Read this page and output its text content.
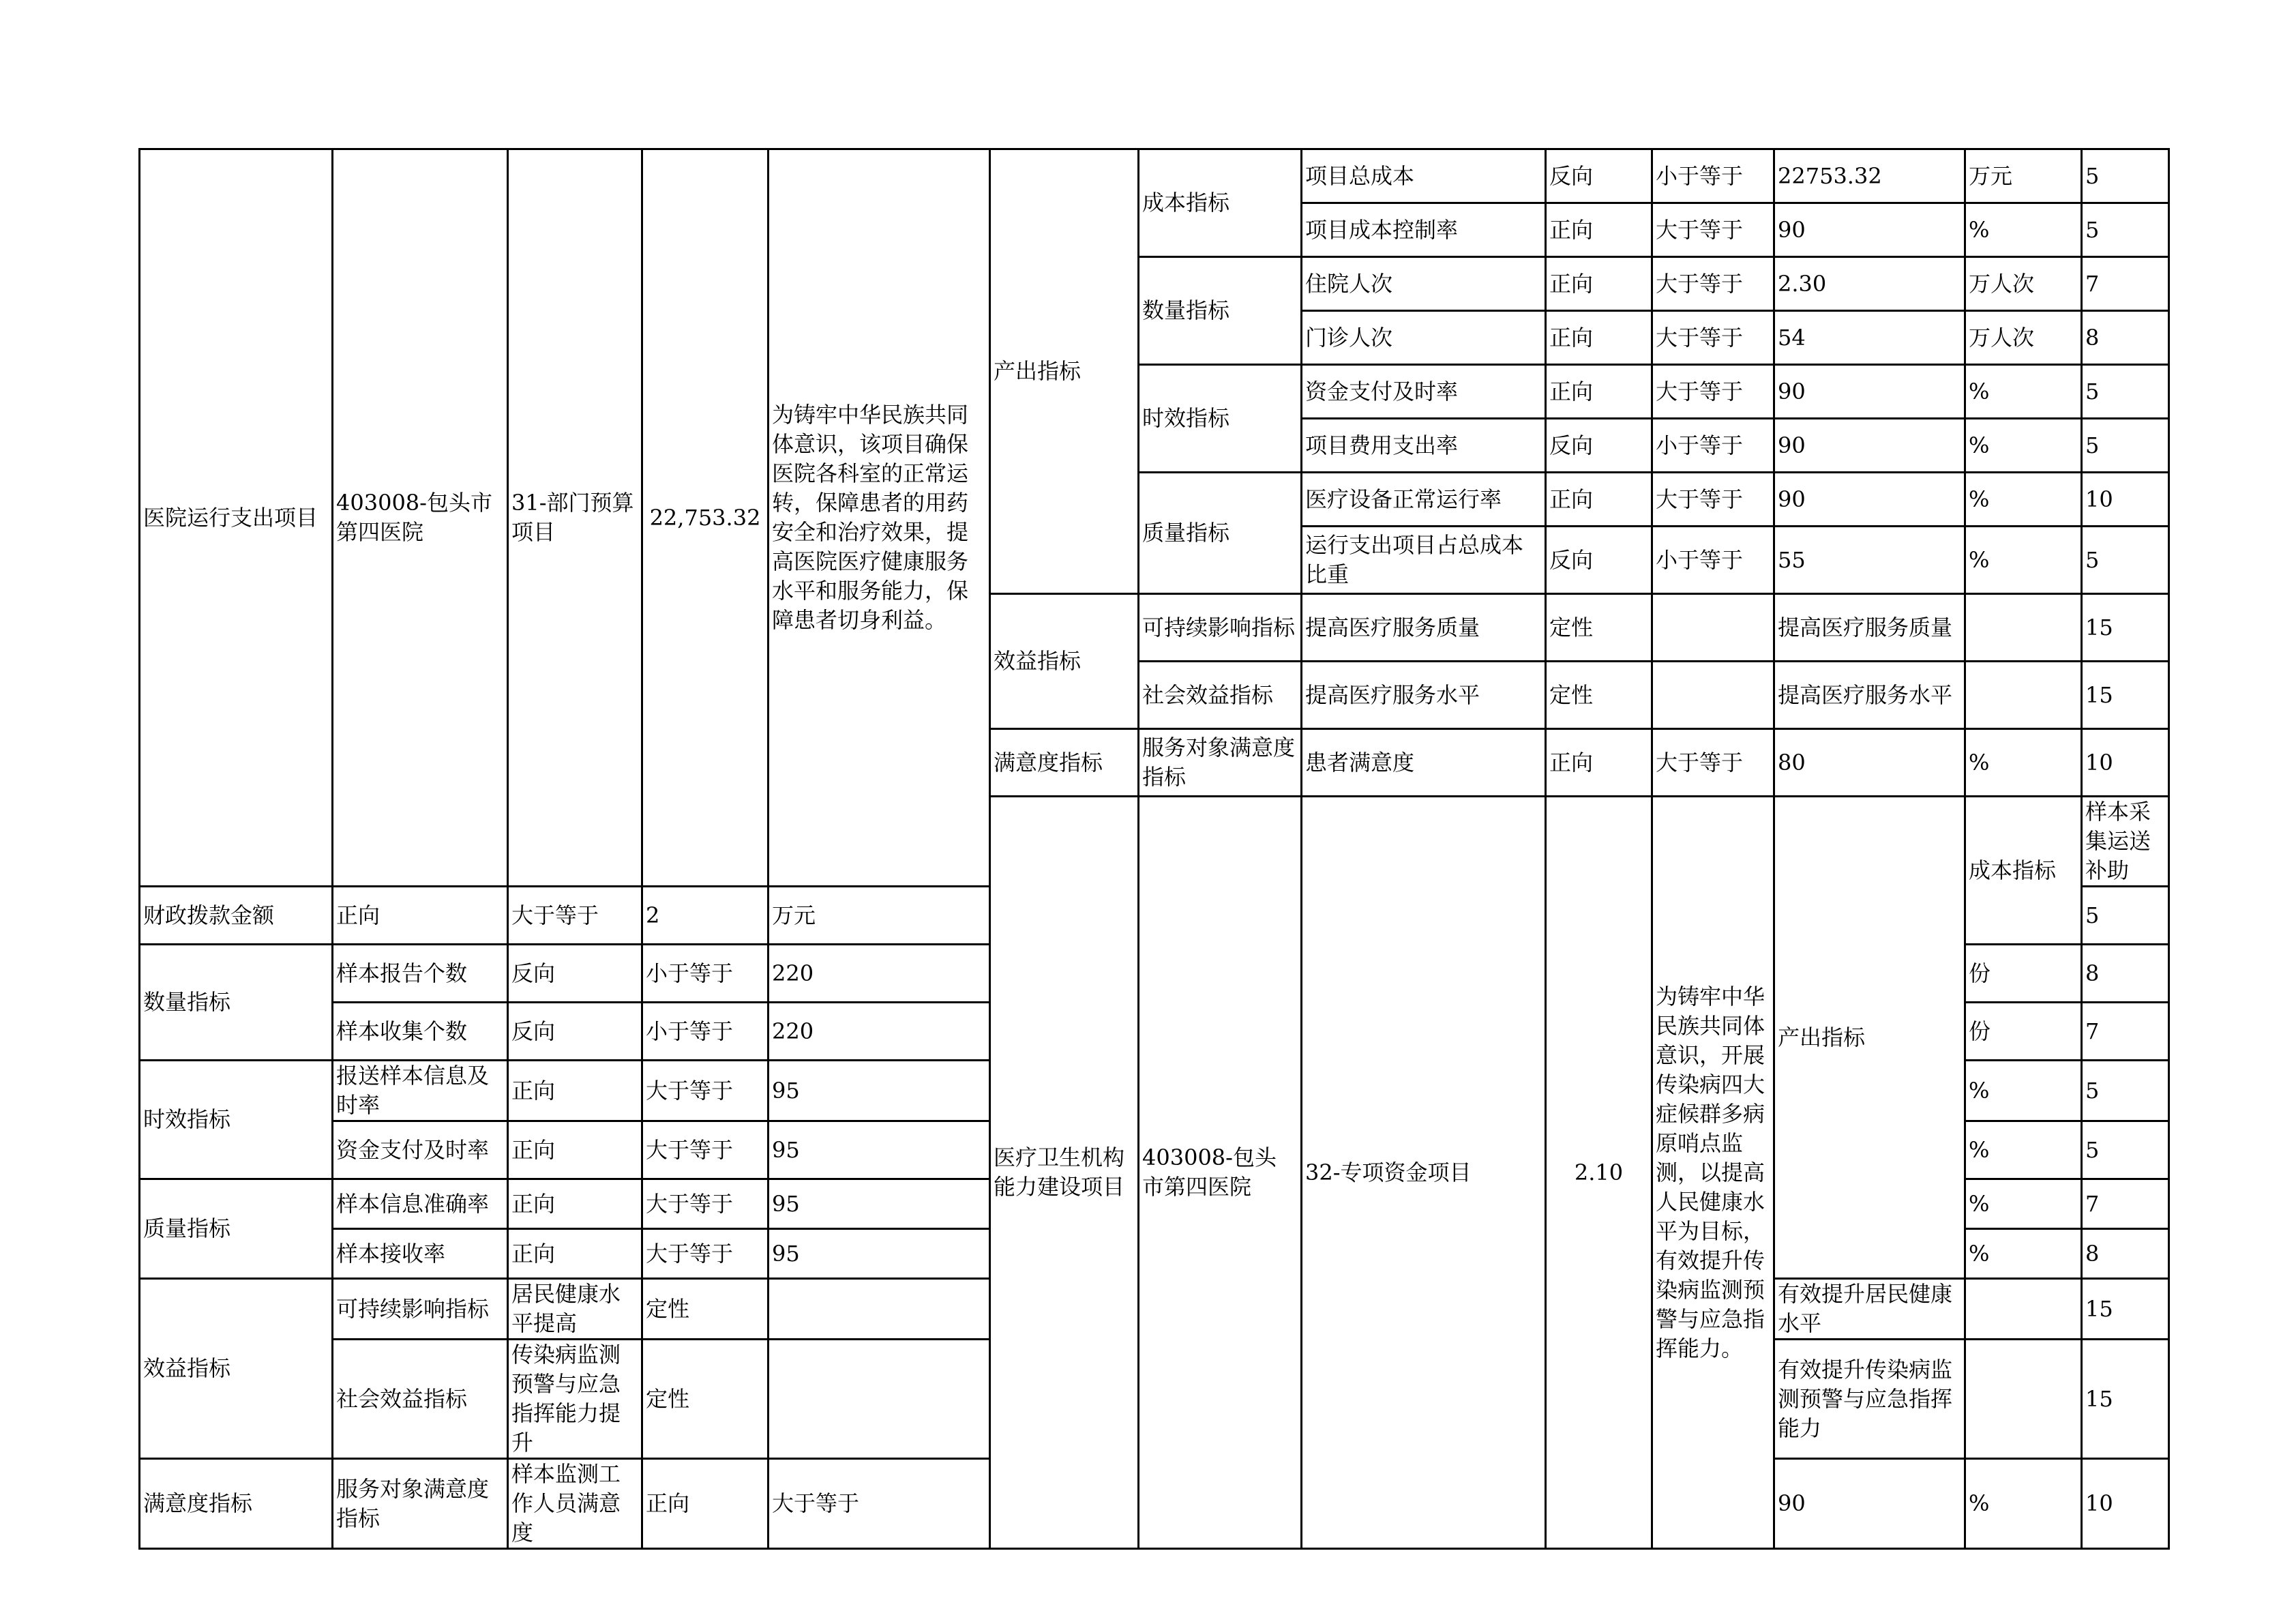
医院运行支出项目	403008-包头市第四医院	31-部门预算项目	22,753.32	为铸牢中华民族共同体意识，该项目确保医院各科室的正常运转，保障患者的用药安全和治疗效果，提高医院医疗健康服务水平和服务能力，保障患者切身利益。	产出指标	成本指标	项目总成本	反向	小于等于	22753.32	万元	5	
							项目成本控制率	正向	大于等于	90	%	5	
						数量指标	住院人次	正向	大于等于	2.30	万人次	7	
							门诊人次	正向	大于等于	54	万人次	8	
						时效指标	资金支付及时率	正向	大于等于	90	%	5	
							项目费用支出率	反向	小于等于	90	%	5	
						质量指标	医疗设备正常运行率	正向	大于等于	90	%	10	
							运行支出项目占总成本比重	反向	小于等于	55	%	5	
					效益指标	可持续影响指标	提高医疗服务质量	定性		提高医疗服务质量		15	
						社会效益指标	提高医疗服务水平	定性		提高医疗服务水平		15	
					满意度指标	服务对象满意度指标	患者满意度	正向	大于等于	80	%	10	
					医疗卫生机构能力建设项目	403008-包头市第四医院	32-专项资金项目	2.10	为铸牢中华民族共同体意识，开展传染病四大症候群多病原哨点监测，以提高人民健康水平为目标，有效提升传染病监测预警与应急指挥能力。	产出指标	成本指标	样本采集运送补助					
财政拨款金额	正向	大于等于	2	万元								5	
数量指标	样本报告个数	反向	小于等于	220							份	8	
	样本收集个数	反向	小于等于	220							份	7	
时效指标	报送样本信息及时率	正向	大于等于	95							%	5	
	资金支付及时率	正向	大于等于	95							%	5	
质量指标	样本信息准确率	正向	大于等于	95							%	7	
	样本接收率	正向	大于等于	95							%	8	
效益指标	可持续影响指标	居民健康水平提高	定性							有效提升居民健康水平		15	
	社会效益指标	传染病监测预警与应急指挥能力提升	定性							有效提升传染病监测预警与应急指挥能力		15	
满意度指标	服务对象满意度指标	样本监测工作人员满意度	正向	大于等于						90	%	10	
